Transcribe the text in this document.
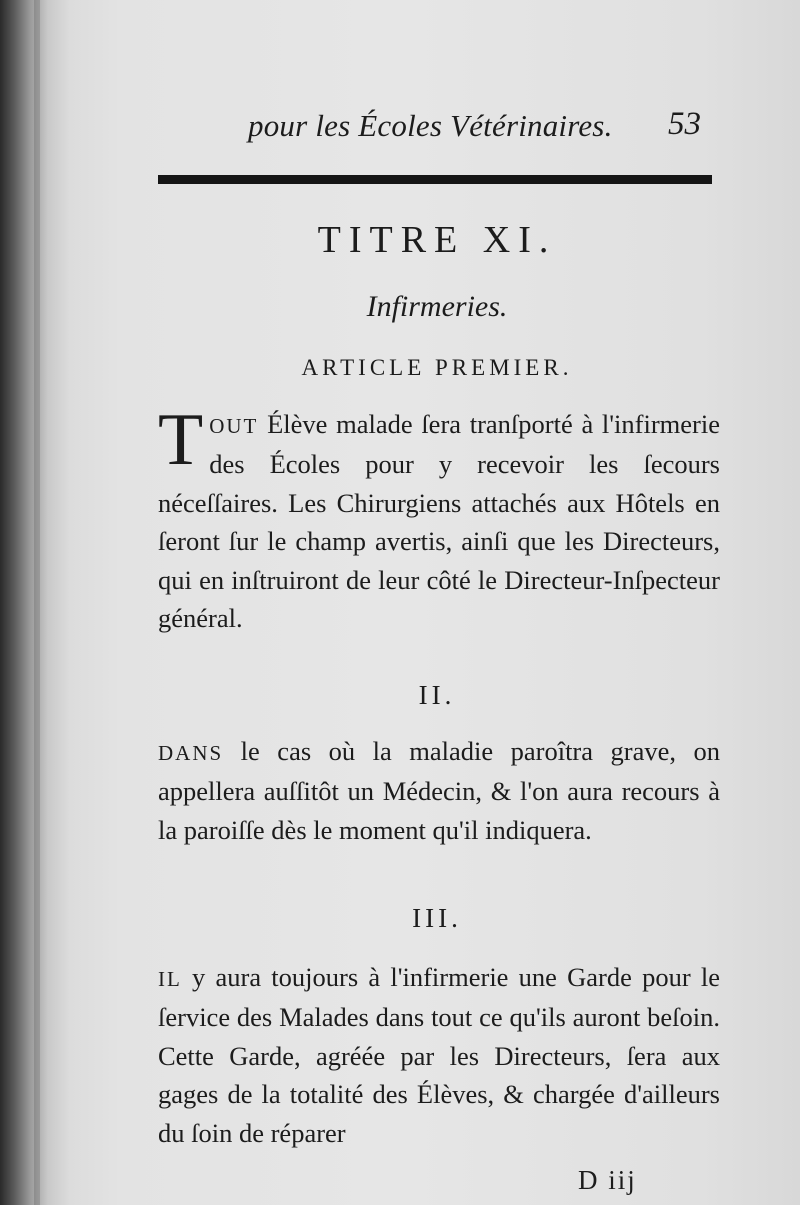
pour les Écoles Vétérinaires. 53
TITRE XI.
Infirmeries.
ARTICLE PREMIER.

TOUT Élève malade ſera tranſporté à l'infirmerie des Écoles pour y recevoir les ſecours néceſſaires. Les Chirurgiens attachés aux Hôtels en ſeront ſur le champ avertis, ainſi que les Directeurs, qui en inſtruiront de leur côté le Directeur-Inſpecteur général.

II.

DANS le cas où la maladie paroîtra grave, on appellera auſſitôt un Médecin, & l'on aura recours à la paroiſſe dès le moment qu'il indiquera.

III.

IL y aura toujours à l'infirmerie une Garde pour le ſervice des Malades dans tout ce qu'ils auront beſoin. Cette Garde, agréée par les Directeurs, ſera aux gages de la totalité des Élèves, & chargée d'ailleurs du ſoin de réparer

D iij
